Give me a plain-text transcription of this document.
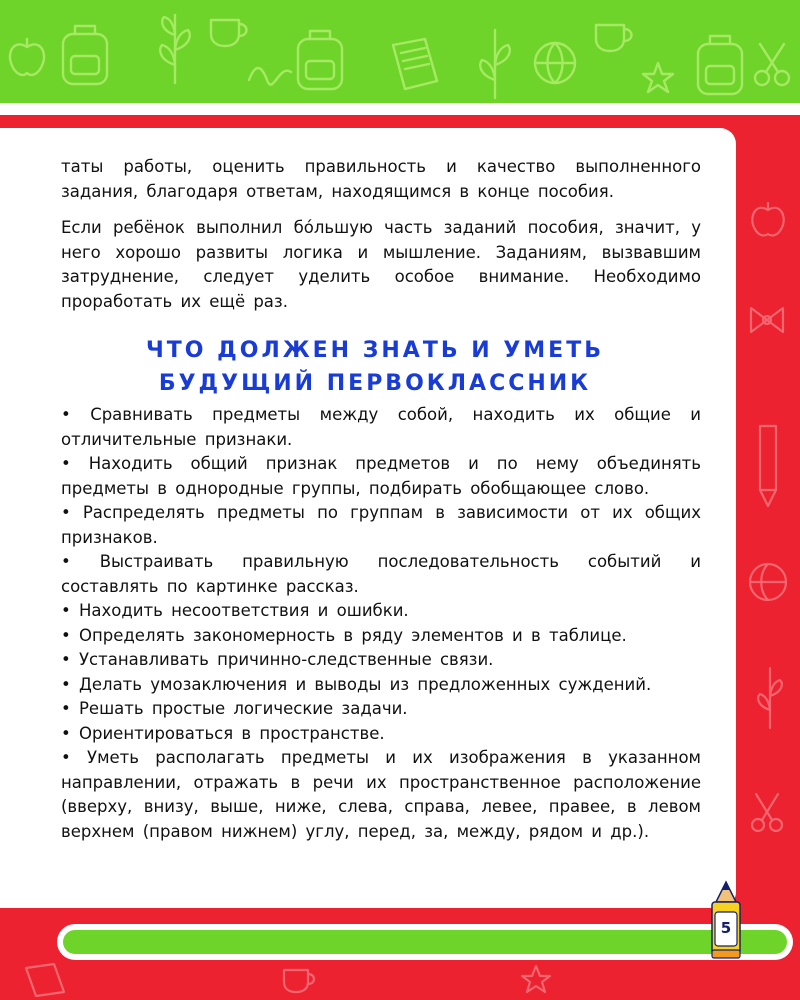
таты работы, оценить правильность и качество выполненного задания, благодаря ответам, находящимся в конце пособия.

Если ребёнок выполнил бóльшую часть заданий пособия, значит, у него хорошо развиты логика и мышление. Заданиям, вызвавшим затруднение, следует уделить особое внимание. Необходимо проработать их ещё раз.

ЧТО ДОЛЖЕН ЗНАТЬ И УМЕТЬ
БУДУЩИЙ ПЕРВОКЛАССНИК
• Сравнивать предметы между собой, находить их общие и отличительные признаки.
• Находить общий признак предметов и по нему объединять предметы в однородные группы, подбирать обобщающее слово.
• Распределять предметы по группам в зависимости от их общих признаков.
• Выстраивать правильную последовательность событий и составлять по картинке рассказ.
• Находить несоответствия и ошибки.
• Определять закономерность в ряду элементов и в таблице.
• Устанавливать причинно-следственные связи.
• Делать умозаключения и выводы из предложенных суждений.
• Решать простые логические задачи.
• Ориентироваться в пространстве.
• Уметь располагать предметы и их изображения в указанном направлении, отражать в речи их пространственное расположение (вверху, внизу, выше, ниже, слева, справа, левее, правее, в левом верхнем (правом нижнем) углу, перед, за, между, рядом и др.).
5
